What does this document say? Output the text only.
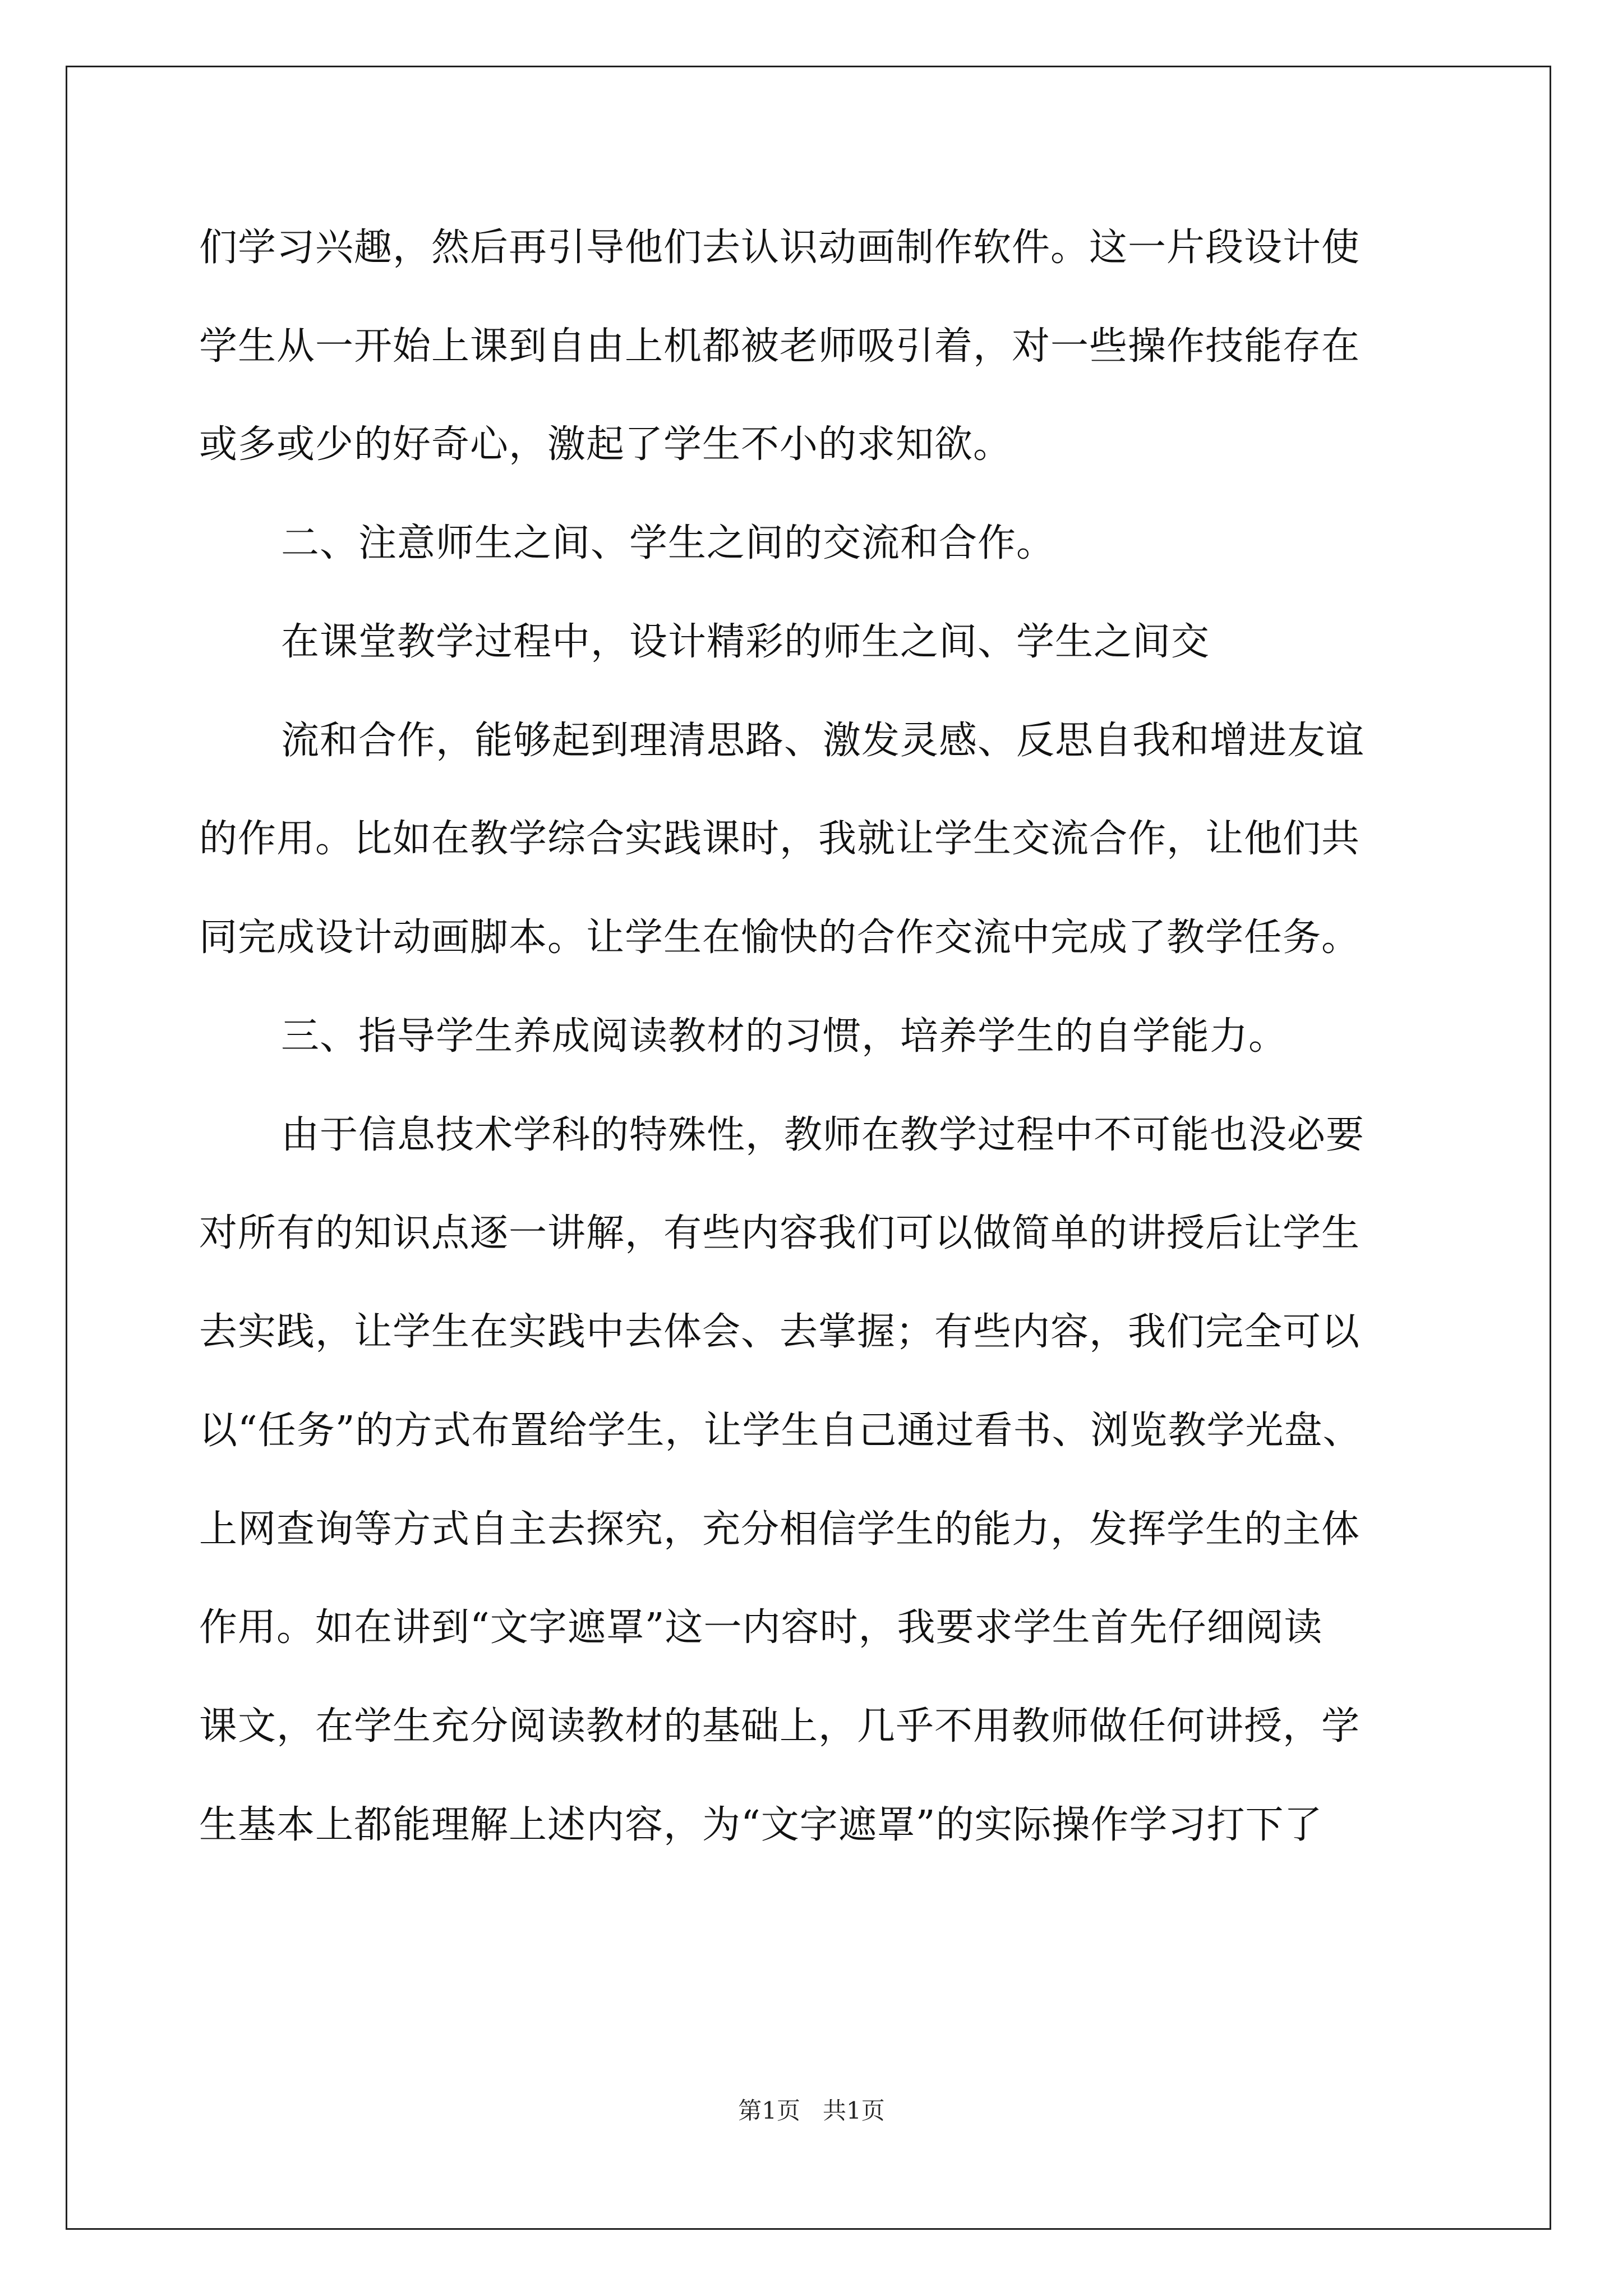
们学习兴趣，然后再引导他们去认识动画制作软件。这一片段设计使
学生从一开始上课到自由上机都被老师吸引着，对一些操作技能存在
或多或少的好奇心，激起了学生不小的求知欲。
二、注意师生之间、学生之间的交流和合作。
在课堂教学过程中，设计精彩的师生之间、学生之间交
流和合作，能够起到理清思路、激发灵感、反思自我和增进友谊
的作用。比如在教学综合实践课时，我就让学生交流合作，让他们共
同完成设计动画脚本。让学生在愉快的合作交流中完成了教学任务。
三、指导学生养成阅读教材的习惯，培养学生的自学能力。
由于信息技术学科的特殊性，教师在教学过程中不可能也没必要
对所有的知识点逐一讲解，有些内容我们可以做简单的讲授后让学生
去实践，让学生在实践中去体会、去掌握；有些内容，我们完全可以
以“任务”的方式布置给学生，让学生自己通过看书、浏览教学光盘、
上网查询等方式自主去探究，充分相信学生的能力，发挥学生的主体
作用。如在讲到“文字遮罩”这一内容时，我要求学生首先仔细阅读
课文，在学生充分阅读教材的基础上，几乎不用教师做任何讲授，学
生基本上都能理解上述内容，为“文字遮罩”的实际操作学习打下了
第1页   共1页
